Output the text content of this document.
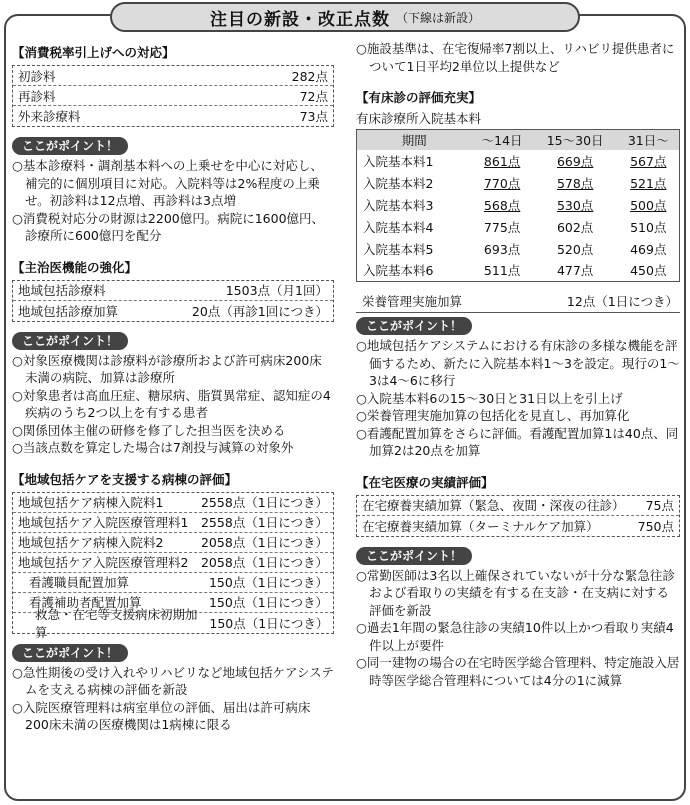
注目の新設・改正点数 （下線は新設）
【消費税率引上げへの対応】
初診料	282点
再診料	72点
外来診療料	73点
ここがポイント！
○基本診療料・調剤基本料への上乗せを中心に対応し、補完的に個別項目に対応。入院料等は2%程度の上乗せ。初診料は12点増、再診料は3点増
○消費税対応分の財源は2200億円。病院に1600億円、診療所に600億円を配分
【主治医機能の強化】
地域包括診療料	1503点（月1回）
地域包括診療加算	20点（再診1回につき）
ここがポイント！
○対象医療機関は診療料が診療所および許可病床200床未満の病院、加算は診療所
○対象患者は高血圧症、糖尿病、脂質異常症、認知症の4疾病のうち2つ以上を有する患者
○関係団体主催の研修を修了した担当医を決める
○当該点数を算定した場合は7剤投与減算の対象外
【地域包括ケアを支援する病棟の評価】
地域包括ケア病棟入院料1	2558点（1日につき）
地域包括ケア入院医療管理料1 2558点（1日につき）
地域包括ケア病棟入院料2	2058点（1日につき）
地域包括ケア入院医療管理料2 2058点（1日につき）
看護職員配置加算	150点（1日につき）
看護補助者配置加算	150点（1日につき）
救急・在宅等支援病床初期加算
150点（1日につき）
ここがポイント！
○急性期後の受け入れやリハビリなど地域包括ケアシステムを支える病棟の評価を新設
○入院医療管理料は病室単位の評価、届出は許可病床200床未満の医療機関は1病棟に限る
○施設基準は、在宅復帰率7割以上、リハビリ提供患者について1日平均2単位以上提供など
【有床診の評価充実】
有床診療所入院基本料
期間	～14日	15～30日	31日～
入院基本料1	861点	669点	567点
入院基本料2	770点	578点	521点
入院基本料3	568点	530点	500点
入院基本料4	775点	602点	510点
入院基本料5	693点	520点	469点
入院基本料6	511点	477点	450点
栄養管理実施加算	12点（1日につき）
ここがポイント！
○地域包括ケアシステムにおける有床診の多様な機能を評価するため、新たに入院基本料1～3を設定。現行の1～3は4～6に移行
○入院基本料6の15～30日と31日以上を引上げ
○栄養管理実施加算の包括化を見直し、再加算化
○看護配置加算をさらに評価。看護配置加算1は40点、同加算2は20点を加算
【在宅医療の実績評価】
在宅療養実績加算（緊急、夜間・深夜の往診） 75点
在宅療養実績加算（ターミナルケア加算）	750点
ここがポイント！
○常勤医師は3名以上確保されていないが十分な緊急往診および看取りの実績を有する在支診・在支病に対する評価を新設
○過去1年間の緊急往診の実績10件以上かつ看取り実績4件以上が要件
○同一建物の場合の在宅時医学総合管理料、特定施設入居時等医学総合管理料については4分の1に減算
